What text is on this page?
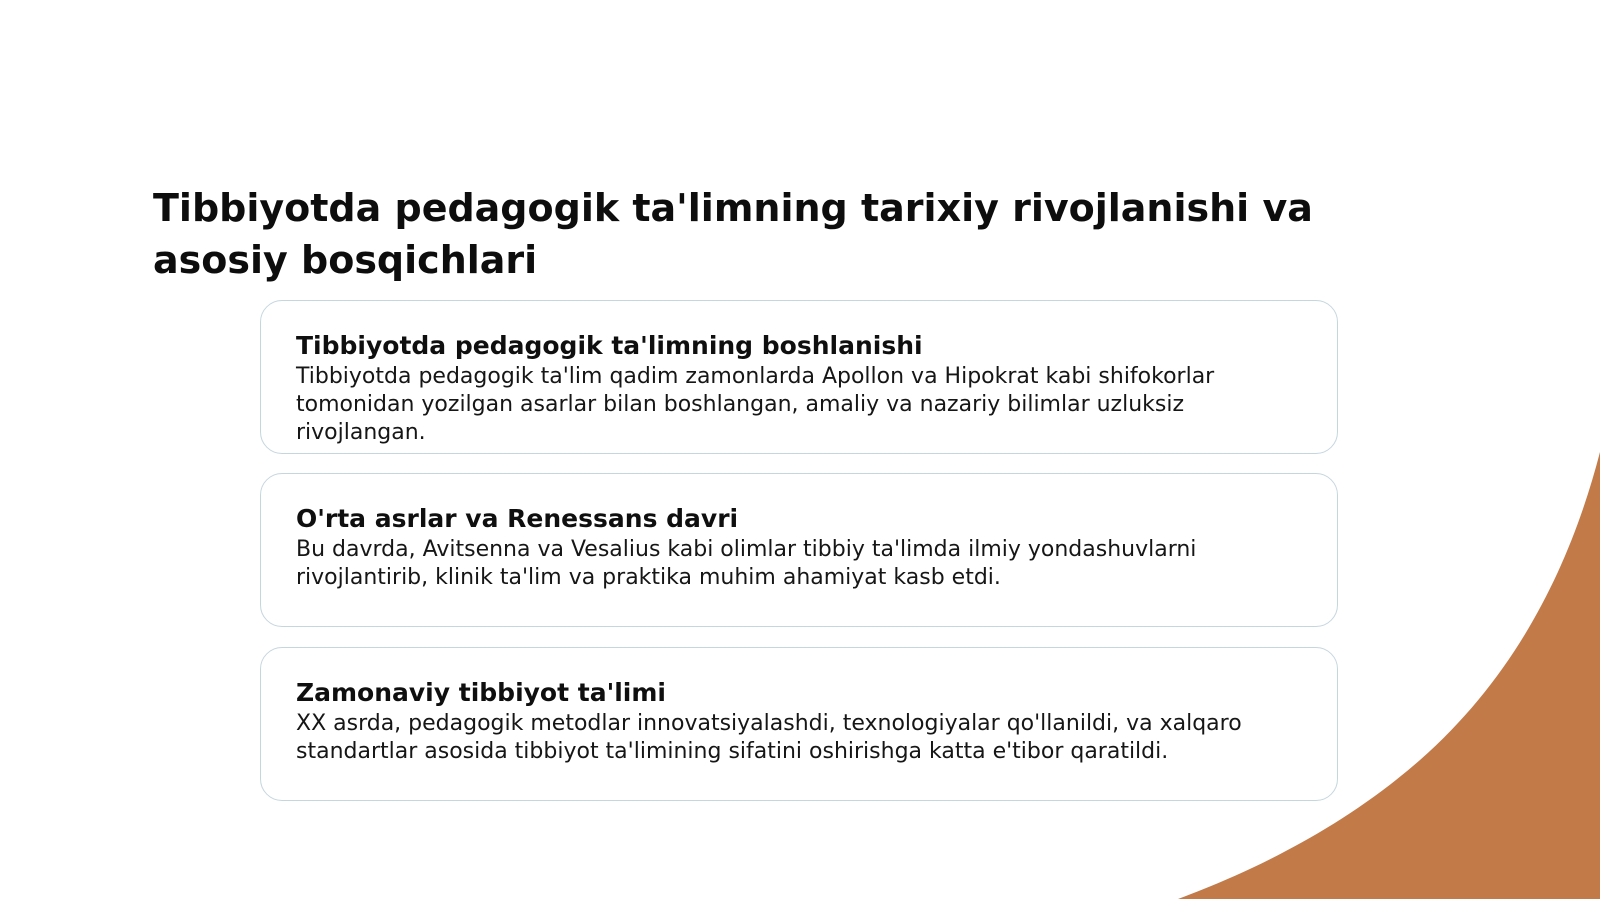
Tibbiyotda pedagogik ta'limning tarixiy rivojlanishi va asosiy bosqichlari
Tibbiyotda pedagogik ta'limning boshlanishi

Tibbiyotda pedagogik ta'lim qadim zamonlarda Apollon va Hipokrat kabi shifokorlar tomonidan yozilgan asarlar bilan boshlangan, amaliy va nazariy bilimlar uzluksiz rivojlangan.

O'rta asrlar va Renessans davri

Bu davrda, Avitsenna va Vesalius kabi olimlar tibbiy ta'limda ilmiy yondashuvlarni rivojlantirib, klinik ta'lim va praktika muhim ahamiyat kasb etdi.

Zamonaviy tibbiyot ta'limi

XX asrda, pedagogik metodlar innovatsiyalashdi, texnologiyalar qo'llanildi, va xalqaro standartlar asosida tibbiyot ta'limining sifatini oshirishga katta e'tibor qaratildi.
